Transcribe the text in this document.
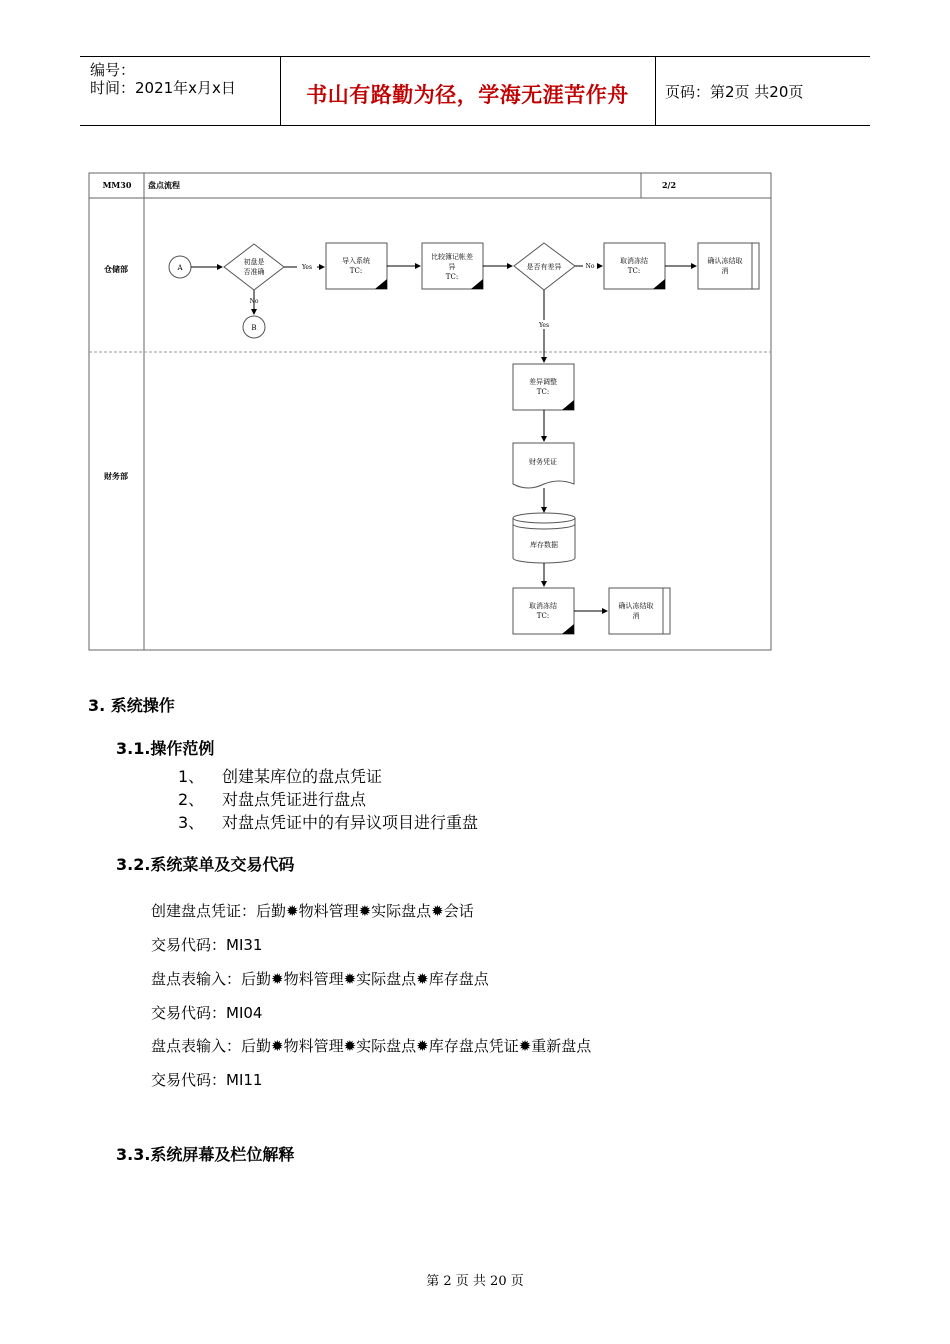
编号：
时间：2021年x月x日	书山有路勤为径，学海无涯苦作舟	页码：第2页 共20页
MM30 盘点流程	2/2
仓储部
财务部
A
初盘是
否准确
Yes
No
B
导入系统
TC:
比较簿记帐差
异
TC:
是否有差异	No
Yes
取消冻结
TC:
确认冻结取
消
差异调整
TC:
财务凭证
库存数据
取消冻结
TC:
确认冻结取
消
3. 系统操作
3.1.操作范例
1、 创建某库位的盘点凭证
2、 对盘点凭证进行盘点
3、 对盘点凭证中的有异议项目进行重盘
3.2.系统菜单及交易代码
创建盘点凭证：后勤✹物料管理✹实际盘点✹会话
交易代码：MI31
盘点表输入：后勤✹物料管理✹实际盘点✹库存盘点
交易代码：MI04
盘点表输入：后勤✹物料管理✹实际盘点✹库存盘点凭证✹重新盘点
交易代码：MI11
3.3.系统屏幕及栏位解释
第 2 页 共 20 页
